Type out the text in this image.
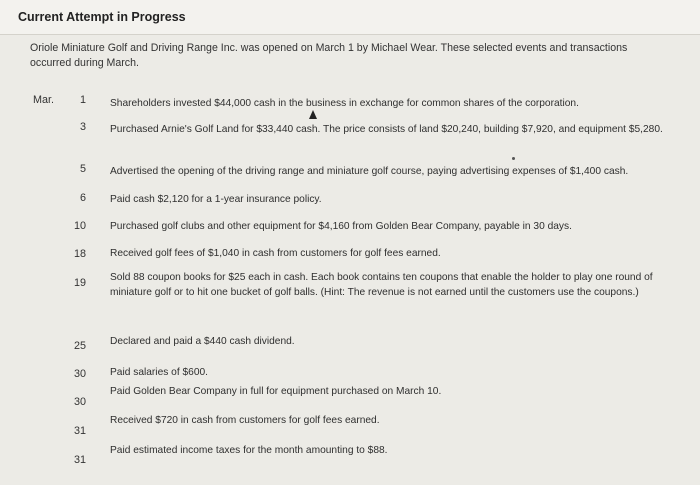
Current Attempt in Progress
Oriole Miniature Golf and Driving Range Inc. was opened on March 1 by Michael Wear. These selected events and transactions occurred during March.
Mar.	1 Shareholders invested $44,000 cash in the business in exchange for common shares of the corporation.
3 Purchased Arnie's Golf Land for $33,440 cash. The price consists of land $20,240, building $7,920, and equipment $5,280.
5 Advertised the opening of the driving range and miniature golf course, paying advertising expenses of $1,400 cash.
6 Paid cash $2,120 for a 1-year insurance policy.
10 Purchased golf clubs and other equipment for $4,160 from Golden Bear Company, payable in 30 days.
18 Received golf fees of $1,040 in cash from customers for golf fees earned.
19 Sold 88 coupon books for $25 each in cash. Each book contains ten coupons that enable the holder to play one round of miniature golf or to hit one bucket of golf balls. (Hint: The revenue is not earned until the customers use the coupons.)
25 Declared and paid a $440 cash dividend.
30 Paid salaries of $600.
30
Paid Golden Bear Company in full for equipment purchased on March 10.
31
Received $720 in cash from customers for golf fees earned.
31
Paid estimated income taxes for the month amounting to $88.
